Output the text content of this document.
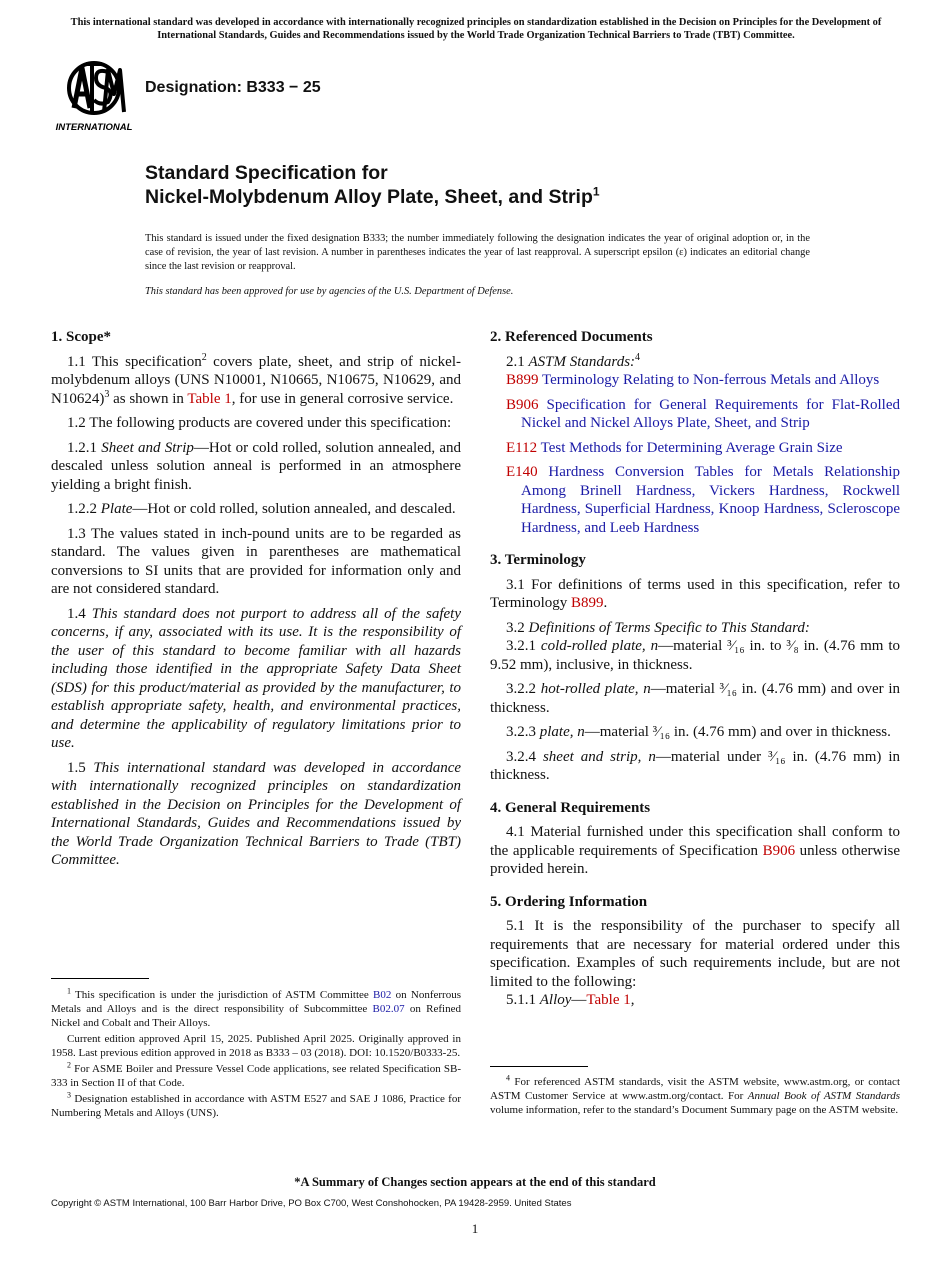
This international standard was developed in accordance with internationally recognized principles on standardization established in the Decision on Principles for the Development of International Standards, Guides and Recommendations issued by the World Trade Organization Technical Barriers to Trade (TBT) Committee.
INTERNATIONAL
Designation: B333 − 25
Standard Specification for
Nickel-Molybdenum Alloy Plate, Sheet, and Strip$^1$
This standard is issued under the fixed designation B333; the number immediately following the designation indicates the year of original adoption or, in the case of revision, the year of last revision. A number in parentheses indicates the year of last reapproval. A superscript epsilon (ε) indicates an editorial change since the last revision or reapproval.
This standard has been approved for use by agencies of the U.S. Department of Defense.
1. Scope*

1.1 This specification$^2$ covers plate, sheet, and strip of nickel-molybdenum alloys (UNS N10001, N10665, N10675, N10629, and N10624)$^3$ as shown in Table 1, for use in general corrosive service.

1.2 The following products are covered under this specification:

1.2.1 Sheet and Strip—Hot or cold rolled, solution annealed, and descaled unless solution anneal is performed in an atmosphere yielding a bright finish.

1.2.2 Plate—Hot or cold rolled, solution annealed, and descaled.

1.3 The values stated in inch-pound units are to be regarded as standard. The values given in parentheses are mathematical conversions to SI units that are provided for information only and are not considered standard.

1.4 This standard does not purport to address all of the safety concerns, if any, associated with its use. It is the responsibility of the user of this standard to become familiar with all hazards including those identified in the appropriate Safety Data Sheet (SDS) for this product/material as provided by the manufacturer, to establish appropriate safety, health, and environmental practices, and determine the applicability of regulatory limitations prior to use.

1.5 This international standard was developed in accordance with internationally recognized principles on standardization established in the Decision on Principles for the Development of International Standards, Guides and Recommendations issued by the World Trade Organization Technical Barriers to Trade (TBT) Committee.

2. Referenced Documents

2.1 ASTM Standards:$^4$

B899 Terminology Relating to Non-ferrous Metals and Alloys

B906 Specification for General Requirements for Flat-Rolled Nickel and Nickel Alloys Plate, Sheet, and Strip

E112 Test Methods for Determining Average Grain Size

E140 Hardness Conversion Tables for Metals Relationship Among Brinell Hardness, Vickers Hardness, Rockwell Hardness, Superficial Hardness, Knoop Hardness, Scleroscope Hardness, and Leeb Hardness

3. Terminology

3.1 For definitions of terms used in this specification, refer to Terminology B899.

3.2 Definitions of Terms Specific to This Standard:

3.2.1 cold-rolled plate, n—material ³⁄₁₆ in. to ³⁄₈ in. (4.76 mm to 9.52 mm), inclusive, in thickness.

3.2.2 hot-rolled plate, n—material ³⁄₁₆ in. (4.76 mm) and over in thickness.

3.2.3 plate, n—material ³⁄₁₆ in. (4.76 mm) and over in thickness.

3.2.4 sheet and strip, n—material under ³⁄₁₆ in. (4.76 mm) in thickness.

4. General Requirements

4.1 Material furnished under this specification shall conform to the applicable requirements of Specification B906 unless otherwise provided herein.

5. Ordering Information

5.1 It is the responsibility of the purchaser to specify all requirements that are necessary for material ordered under this specification. Examples of such requirements include, but are not limited to the following:

5.1.1 Alloy—Table 1,

$^1$ This specification is under the jurisdiction of ASTM Committee B02 on Nonferrous Metals and Alloys and is the direct responsibility of Subcommittee B02.07 on Refined Nickel and Cobalt and Their Alloys.

Current edition approved April 15, 2025. Published April 2025. Originally approved in 1958. Last previous edition approved in 2018 as B333 – 03 (2018). DOI: 10.1520/B0333-25.

$^2$ For ASME Boiler and Pressure Vessel Code applications, see related Specification SB-333 in Section II of that Code.

$^3$ Designation established in accordance with ASTM E527 and SAE J 1086, Practice for Numbering Metals and Alloys (UNS).

$^4$ For referenced ASTM standards, visit the ASTM website, www.astm.org, or contact ASTM Customer Service at www.astm.org/contact. For Annual Book of ASTM Standards volume information, refer to the standard’s Document Summary page on the ASTM website.

*A Summary of Changes section appears at the end of this standard
Copyright © ASTM International, 100 Barr Harbor Drive, PO Box C700, West Conshohocken, PA 19428-2959. United States
1
